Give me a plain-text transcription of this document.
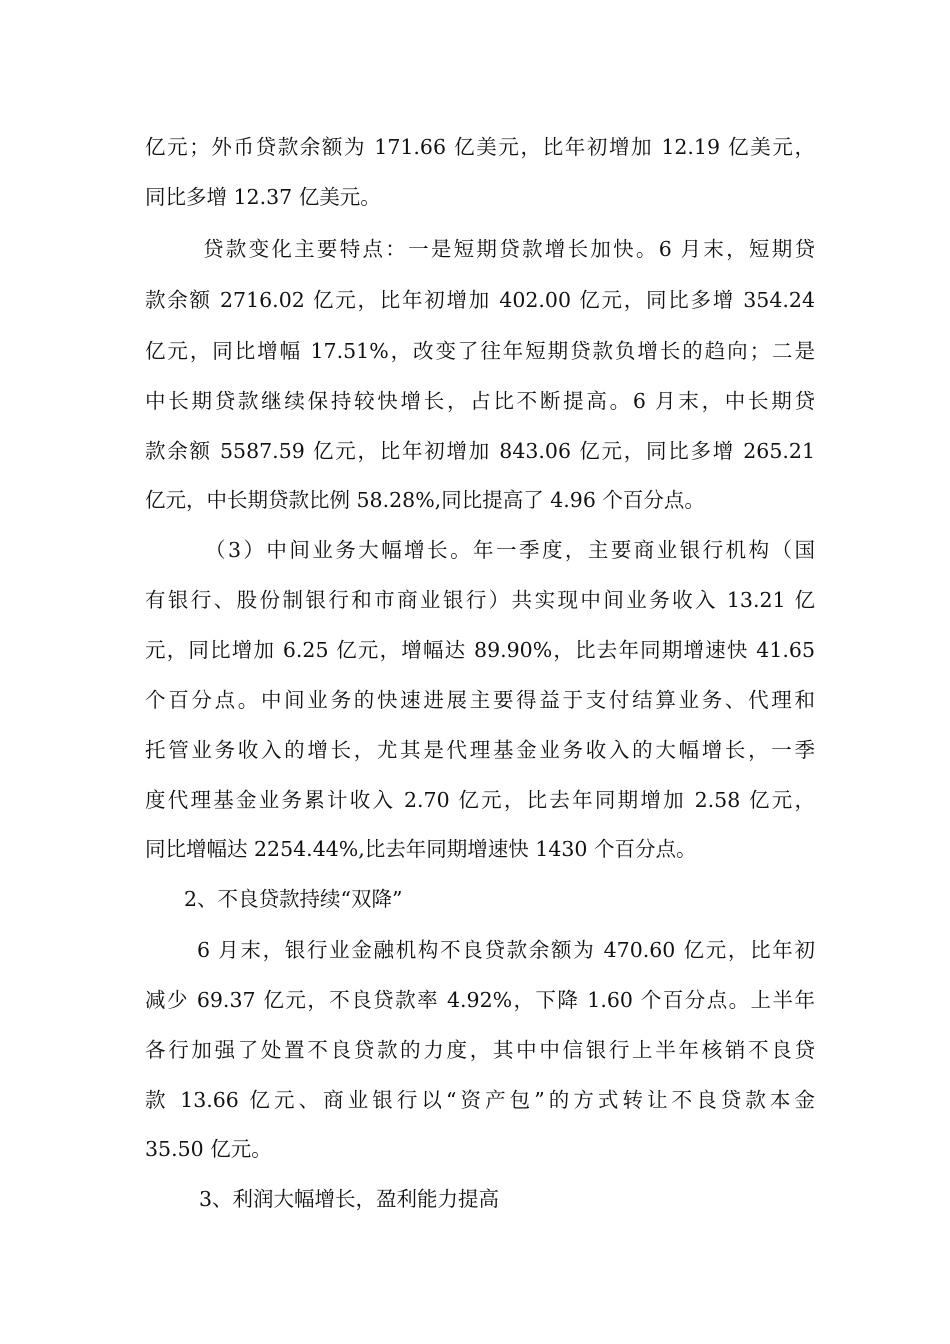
亿元；外币贷款余额为 171.66 亿美元，比年初增加 12.19 亿美元，
同比多增 12.37 亿美元。
贷款变化主要特点：一是短期贷款增长加快。6 月末，短期贷
款余额 2716.02 亿元，比年初增加 402.00 亿元，同比多增 354.24
亿元，同比增幅 17.51%，改变了往年短期贷款负增长的趋向；二是
中长期贷款继续保持较快增长，占比不断提高。6 月末，中长期贷
款余额 5587.59 亿元，比年初增加 843.06 亿元，同比多增 265.21
亿元，中长期贷款比例 58.28%,同比提高了 4.96 个百分点。
（3）中间业务大幅增长。年一季度，主要商业银行机构（国
有银行、股份制银行和市商业银行）共实现中间业务收入 13.21 亿
元，同比增加 6.25 亿元，增幅达 89.90%，比去年同期增速快 41.65
个百分点。中间业务的快速进展主要得益于支付结算业务、代理和
托管业务收入的增长，尤其是代理基金业务收入的大幅增长，一季
度代理基金业务累计收入 2.70 亿元，比去年同期增加 2.58 亿元，
同比增幅达 2254.44%,比去年同期增速快 1430 个百分点。
2、不良贷款持续“双降”
6 月末，银行业金融机构不良贷款余额为 470.60 亿元，比年初
减少 69.37 亿元，不良贷款率 4.92%，下降 1.60 个百分点。上半年
各行加强了处置不良贷款的力度，其中中信银行上半年核销不良贷
款 13.66 亿元、商业银行以“资产包”的方式转让不良贷款本金
35.50 亿元。
3、利润大幅增长，盈利能力提高
